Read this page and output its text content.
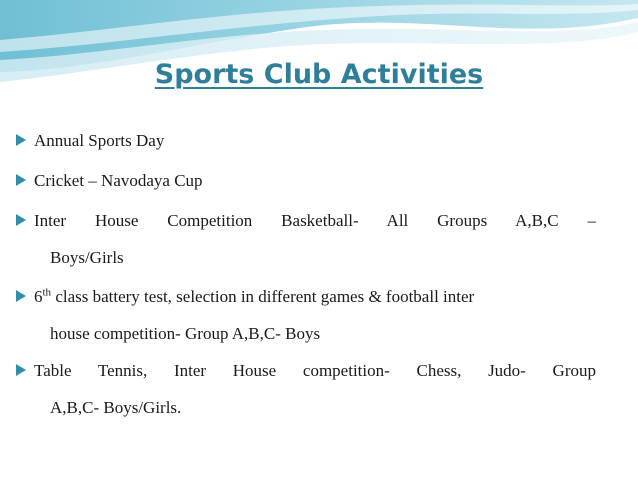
Sports Club Activities
Annual Sports Day
Cricket – Navodaya Cup
Inter House Competition Basketball- All Groups A,B,C –
Boys/Girls
6th class battery test, selection in different games & football inter
house competition- Group A,B,C- Boys
Table Tennis, Inter House competition- Chess, Judo- Group
A,B,C- Boys/Girls.
